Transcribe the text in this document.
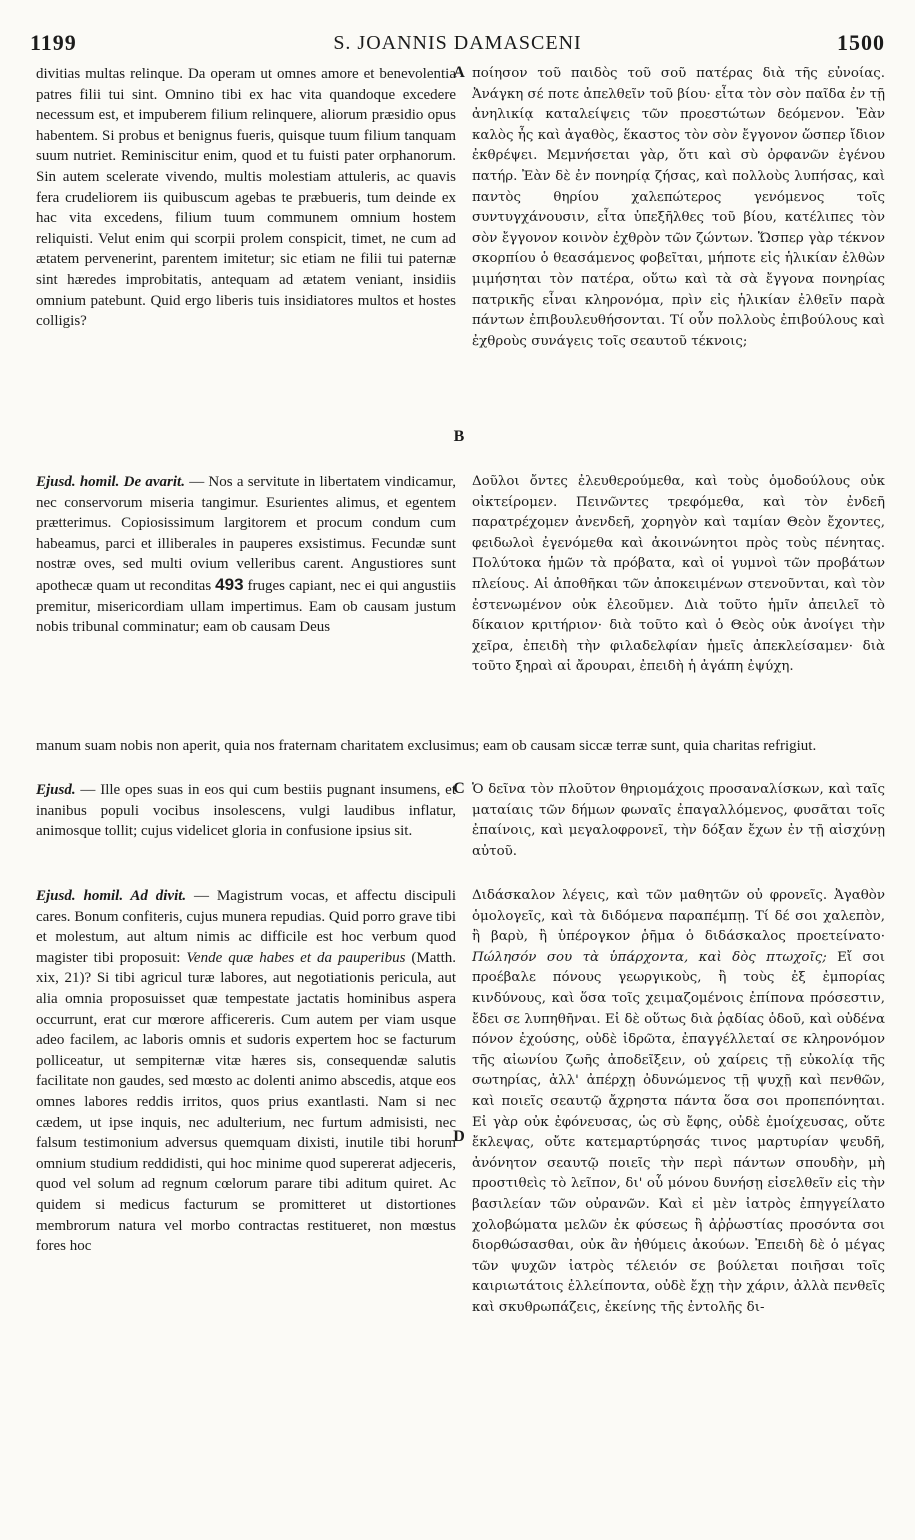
1199	S. JOANNIS DAMASCENI	1500

divitias multas relinque. Da operam ut omnes amore et benevolentia patres filii tui sint. Omnino tibi ex hac vita quandoque excedere necessum est, et impuberem filium relinquere, aliorum præsidio opus habentem. Si probus et benignus fueris, quisque tuum filium tanquam suum nutriet. Reminiscitur enim, quod et tu fuisti pater orphanorum. Sin autem scelerate vivendo, multis molestiam attuleris, ac quavis fera crudeliorem iis quibuscum agebas te præbueris, tum deinde ex hac vita excedens, filium tuum communem omnium hostem reliquisti. Velut enim qui scorpii prolem conspicit, timet, ne cum ad ætatem pervenerint, parentem imitetur; sic etiam ne filii tui paternæ sint hæredes improbitatis, antequam ad ætatem veniant, insidiis omnium patebunt. Quid ergo liberis tuis insidiatores multos et hostes colligis?

A
B

ποίησον τοῦ παιδὸς τοῦ σοῦ πατέρας διὰ τῆς εὐνοίας. Ἀνάγκη σέ ποτε ἀπελθεῖν τοῦ βίου· εἶτα τὸν σὸν παῖδα ἐν τῇ ἀνηλικίᾳ καταλείψεις τῶν προεστώτων δεόμενον. Ἐὰν καλὸς ἦς καὶ ἀγαθὸς, ἕκαστος τὸν σὸν ἔγγονον ὥσπερ ἴδιον ἐκθρέψει. Μεμνήσεται γὰρ, ὅτι καὶ σὺ ὀρφανῶν ἐγένου πατήρ. Ἐὰν δὲ ἐν πονηρίᾳ ζήσας, καὶ πολλοὺς λυπήσας, καὶ παντὸς θηρίου χαλεπώτερος γενόμενος τοῖς συντυγχάνουσιν, εἶτα ὑπεξῆλθες τοῦ βίου, κατέλιπες τὸν σὸν ἔγγονον κοινὸν ἐχθρὸν τῶν ζώντων. Ὥσπερ γὰρ τέκνον σκορπίου ὁ θεασάμενος φοβεῖται, μήποτε εἰς ἡλικίαν ἐλθὼν μιμήσηται τὸν πατέρα, οὕτω καὶ τὰ σὰ ἔγγονα πονηρίας πατρικῆς εἶναι κληρονόμα, πρὶν εἰς ἡλικίαν ἐλθεῖν παρὰ πάντων ἐπιβουλευθήσονται. Τί οὖν πολλοὺς ἐπιβούλους καὶ ἐχθροὺς συνάγεις τοῖς σεαυτοῦ τέκνοις;

Ejusd. homil. De avarit. — Nos a servitute in libertatem vindicamur, nec conservorum miseria tangimur. Esurientes alimus, et egentem prætterimus. Copiosissimum largitorem et procum condum cum habeamus, parci et illiberales in pauperes exsistimus. Fecundæ sunt nostræ oves, sed multi ovium velleribus carent. Angustiores sunt apothecæ quam ut reconditas 493 fruges capiant, nec ei qui angustiis premitur, misericordiam ullam impertimus. Eam ob causam justum nobis tribunal comminatur; eam ob causam Deus

Δοῦλοι ὄντες ἐλευθερούμεθα, καὶ τοὺς ὁμοδούλους οὐκ οἰκτείρομεν. Πεινῶντες τρεφόμεθα, καὶ τὸν ἐνδεῆ παρατρέχομεν ἀνενδεῆ, χορηγὸν καὶ ταμίαν Θεὸν ἔχοντες, φειδωλοὶ ἐγενόμεθα καὶ ἀκοινώνητοι πρὸς τοὺς πένητας. Πολύτοκα ἡμῶν τὰ πρόβατα, καὶ οἱ γυμνοὶ τῶν προβάτων πλείους. Αἱ ἀποθῆκαι τῶν ἀποκειμένων στενοῦνται, καὶ τὸν ἐστενωμένον οὐκ ἐλεοῦμεν. Διὰ τοῦτο ἡμῖν ἀπειλεῖ τὸ δίκαιον κριτήριον· διὰ τοῦτο καὶ ὁ Θεὸς οὐκ ἀνοίγει τὴν χεῖρα, ἐπειδὴ τὴν φιλαδελφίαν ἡμεῖς ἀπεκλείσαμεν· διὰ τοῦτο ξηραὶ αἱ ἄρουραι, ἐπειδὴ ἡ ἀγάπη ἐψύχη.

manum suam nobis non aperit, quia nos fraternam charitatem exclusimus; eam ob causam siccæ terræ sunt, quia charitas refrigiut.

C

Ejusd. — Ille opes suas in eos qui cum bestiis pugnant insumens, et inanibus populi vocibus insolescens, vulgi laudibus inflatur, animosque tollit; cujus videlicet gloria in confusione ipsius sit.

Ὁ δεῖνα τὸν πλοῦτον θηριομάχοις προσαναλίσκων, καὶ ταῖς ματαίαις τῶν δήμων φωναῖς ἐπαγαλλόμενος, φυσᾶται τοῖς ἐπαίνοις, καὶ μεγαλοφρονεῖ, τὴν δόξαν ἔχων ἐν τῇ αἰσχύνῃ αὐτοῦ.

Ejusd. homil. Ad divit. — Magistrum vocas, et affectu discipuli cares. Bonum confiteris, cujus munera repudias. Quid porro grave tibi et molestum, aut altum nimis ac difficile est hoc verbum quod magister tibi proposuit: Vende quæ habes et da pauperibus (Matth. xix, 21)? Si tibi agricul turæ labores, aut negotiationis pericula, aut alia omnia proposuisset quæ tempestate jactatis hominibus aspera occurrunt, erat cur mœrore afficereris. Cum autem per viam usque adeo facilem, ac laboris omnis et sudoris expertem hoc se facturum polliceatur, ut sempiternæ vitæ hæres sis, consequendæ salutis facilitate non gaudes, sed mœsto ac dolenti animo abscedis, atque eos omnes labores reddis irritos, quos prius exantlasti. Nam si nec cædem, ut ipse inquis, nec adulterium, nec furtum admisisti, nec falsum testimonium adversus quemquam dixisti, inutile tibi horum omnium studium reddidisti, qui hoc minime quod supererat adjeceris, quod vel solum ad regnum cœlorum parare tibi aditum quiret. Ac quidem si medicus facturum se promitteret ut distortiones membrorum natura vel morbo contractas restitueret, non mœstus fores hoc

D

Διδάσκαλον λέγεις, καὶ τῶν μαθητῶν οὐ φρονεῖς. Ἀγαθὸν ὁμολογεῖς, καὶ τὰ διδόμενα παραπέμπῃ. Τί δέ σοι χαλεπὸν, ἢ βαρὺ, ἢ ὑπέρογκον ῥῆμα ὁ διδάσκαλος προετείνατο· Πώλησόν σου τὰ ὑπάρχοντα, καὶ δὸς πτωχοῖς; Εἴ σοι προέβαλε πόνους γεωργικοὺς, ἢ τοὺς ἐξ ἐμπορίας κινδύνους, καὶ ὅσα τοῖς χειμαζομένοις ἐπίπονα πρόσεστιν, ἔδει σε λυπηθῆναι. Εἰ δὲ οὕτως διὰ ῥᾳδίας ὁδοῦ, καὶ οὐδένα πόνον ἐχούσης, οὐδὲ ἱδρῶτα, ἐπαγγέλλεταί σε κληρονόμον τῆς αἰωνίου ζωῆς ἀποδεῖξειν, οὐ χαίρεις τῇ εὐκολίᾳ τῆς σωτηρίας, ἀλλ' ἀπέρχῃ ὀδυνώμενος τῇ ψυχῇ καὶ πενθῶν, καὶ ποιεῖς σεαυτῷ ἄχρηστα πάντα ὅσα σοι προπεπόνηται. Εἰ γὰρ οὐκ ἐφόνευσας, ὡς σὺ ἔφης, οὐδὲ ἐμοίχευσας, οὔτε ἔκλεψας, οὔτε κατεμαρτύρησάς τινος μαρτυρίαν ψευδῆ, ἀνόνητον σεαυτῷ ποιεῖς τὴν περὶ πάντων σπουδὴν, μὴ προστιθεὶς τὸ λεῖπον, δι' οὗ μόνου δυνήσῃ εἰσελθεῖν εἰς τὴν βασιλείαν τῶν οὐρανῶν. Καὶ εἰ μὲν ἰατρὸς ἐπηγγείλατο χολοβώματα μελῶν ἐκ φύσεως ἢ ἀῤῥωστίας προσόντα σοι διορθώσασθαι, οὐκ ἂν ἠθύμεις ἀκούων. Ἐπειδὴ δὲ ὁ μέγας τῶν ψυχῶν ἰατρὸς τέλειόν σε βούλεται ποιῆσαι τοῖς καιριωτάτοις ἐλλείποντα, οὐδὲ ἔχῃ τὴν χάριν, ἀλλὰ πενθεῖς καὶ σκυθρωπάζεις, ἐκείνης τῆς ἐντολῆς δι-
